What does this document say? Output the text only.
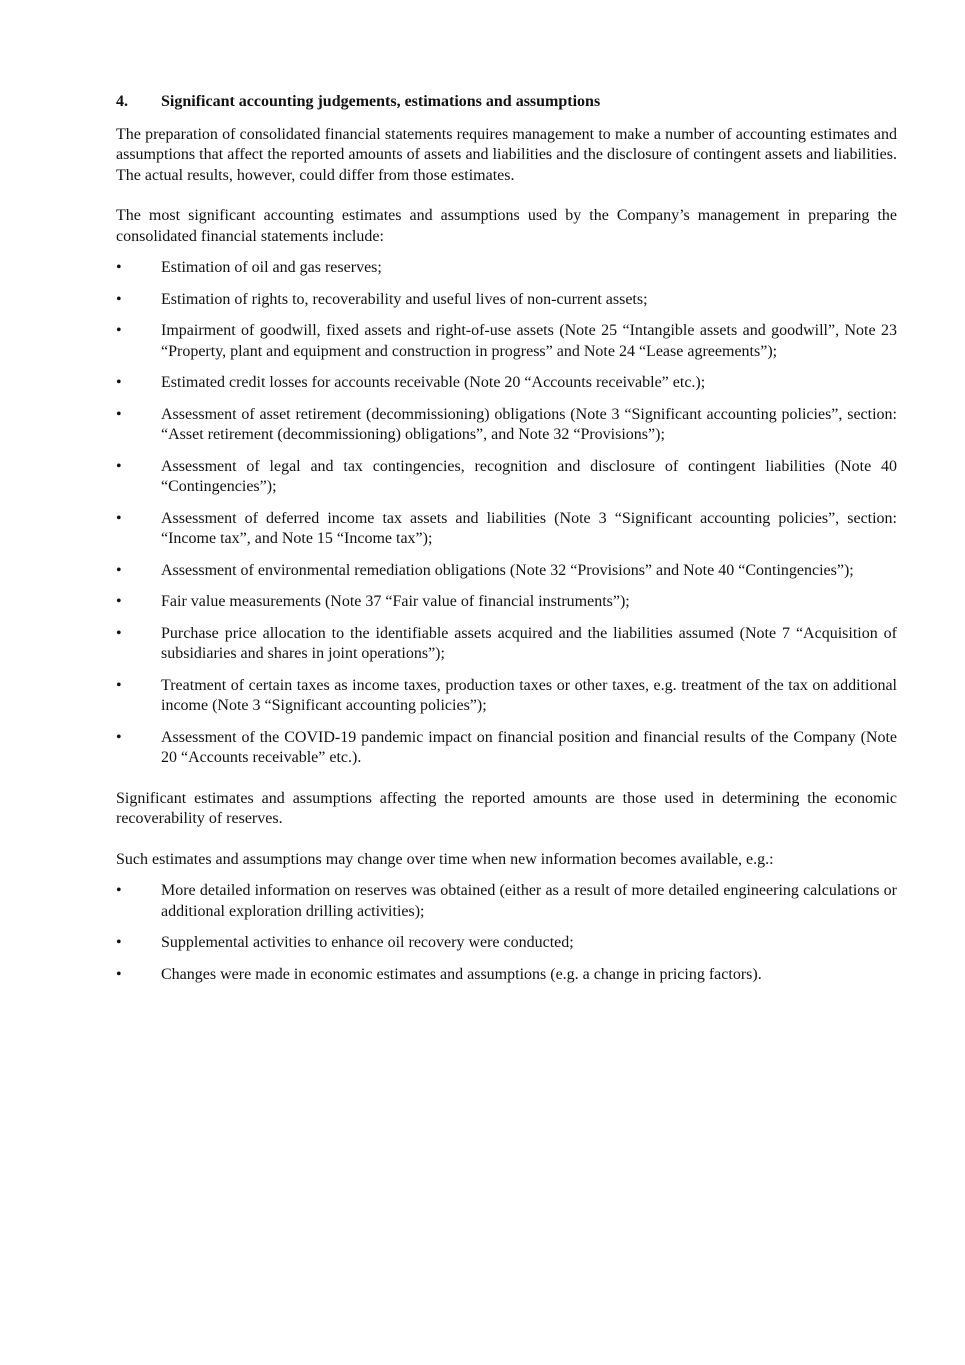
4.	Significant accounting judgements, estimations and assumptions

The preparation of consolidated financial statements requires management to make a number of accounting estimates and assumptions that affect the reported amounts of assets and liabilities and the disclosure of contingent assets and liabilities. The actual results, however, could differ from those estimates.

The most significant accounting estimates and assumptions used by the Company’s management in preparing the consolidated financial statements include:

• Estimation of oil and gas reserves;
• Estimation of rights to, recoverability and useful lives of non-current assets;
• Impairment of goodwill, fixed assets and right-of-use assets (Note 25 “Intangible assets and goodwill”, Note 23 “Property, plant and equipment and construction in progress” and Note 24 “Lease agreements”);
• Estimated credit losses for accounts receivable (Note 20 “Accounts receivable” etc.);
• Assessment of asset retirement (decommissioning) obligations (Note 3 “Significant accounting policies”, section: “Asset retirement (decommissioning) obligations”, and Note 32 “Provisions”);
• Assessment of legal and tax contingencies, recognition and disclosure of contingent liabilities (Note 40 “Contingencies”);
• Assessment of deferred income tax assets and liabilities (Note 3 “Significant accounting policies”, section: “Income tax”, and Note 15 “Income tax”);
• Assessment of environmental remediation obligations (Note 32 “Provisions” and Note 40 “Contingencies”);
• Fair value measurements (Note 37 “Fair value of financial instruments”);
• Purchase price allocation to the identifiable assets acquired and the liabilities assumed (Note 7 “Acquisition of subsidiaries and shares in joint operations”);
• Treatment of certain taxes as income taxes, production taxes or other taxes, e.g. treatment of the tax on additional income (Note 3 “Significant accounting policies”);
• Assessment of the COVID-19 pandemic impact on financial position and financial results of the Company (Note 20 “Accounts receivable” etc.).

Significant estimates and assumptions affecting the reported amounts are those used in determining the economic recoverability of reserves.

Such estimates and assumptions may change over time when new information becomes available, e.g.:

• More detailed information on reserves was obtained (either as a result of more detailed engineering calculations or additional exploration drilling activities);
• Supplemental activities to enhance oil recovery were conducted;
• Changes were made in economic estimates and assumptions (e.g. a change in pricing factors).
